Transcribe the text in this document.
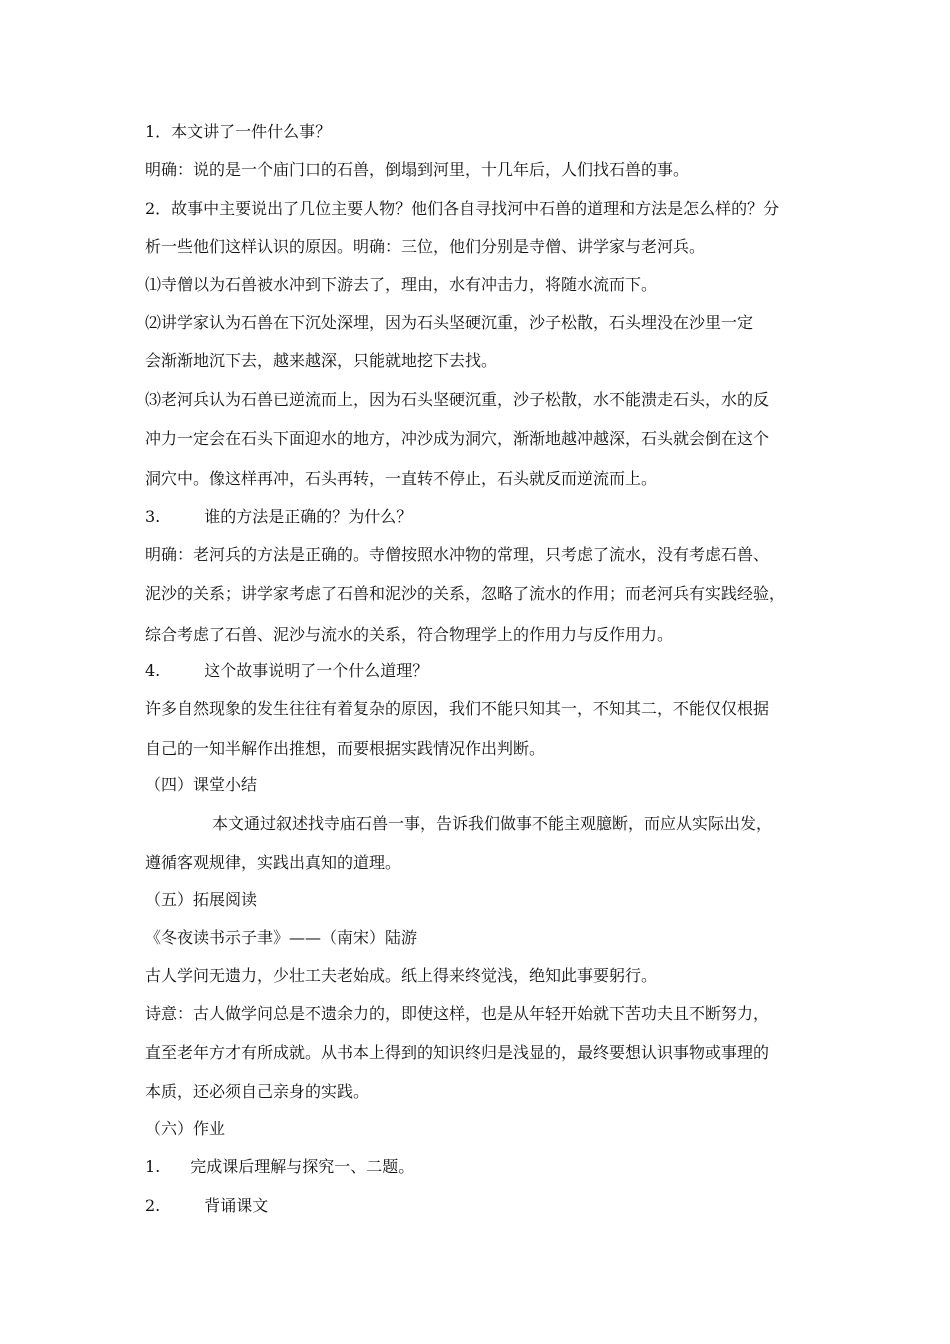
1．本文讲了一件什么事？
明确：说的是一个庙门口的石兽，倒塌到河里，十几年后，人们找石兽的事。
2．故事中主要说出了几位主要人物？他们各自寻找河中石兽的道理和方法是怎么样的？分
析一些他们这样认识的原因。明确：三位，他们分别是寺僧、讲学家与老河兵。
⑴寺僧以为石兽被水冲到下游去了，理由，水有冲击力，将随水流而下。
⑵讲学家认为石兽在下沉处深埋，因为石头坚硬沉重，沙子松散，石头埋没在沙里一定
会渐渐地沉下去，越来越深，只能就地挖下去找。
⑶老河兵认为石兽已逆流而上，因为石头坚硬沉重，沙子松散，水不能溃走石头，水的反
冲力一定会在石头下面迎水的地方，冲沙成为洞穴，渐渐地越冲越深，石头就会倒在这个
洞穴中。像这样再冲，石头再转，一直转不停止，石头就反而逆流而上。
3.	谁的方法是正确的？为什么？
明确：老河兵的方法是正确的。寺僧按照水冲物的常理，只考虑了流水，没有考虑石兽、
泥沙的关系；讲学家考虑了石兽和泥沙的关系，忽略了流水的作用；而老河兵有实践经验，
综合考虑了石兽、泥沙与流水的关系，符合物理学上的作用力与反作用力。
4.	这个故事说明了一个什么道理？
许多自然现象的发生往往有着复杂的原因，我们不能只知其一，不知其二，不能仅仅根据
自己的一知半解作出推想，而要根据实践情况作出判断。
（四）课堂小结
本文通过叙述找寺庙石兽一事，告诉我们做事不能主观臆断，而应从实际出发，
遵循客观规律，实践出真知的道理。
（五）拓展阅读
《冬夜读书示子聿》——（南宋）陆游
古人学问无遗力，少壮工夫老始成。纸上得来终觉浅，绝知此事要躬行。
诗意：古人做学问总是不遗余力的，即使这样，也是从年轻开始就下苦功夫且不断努力，
直至老年方才有所成就。从书本上得到的知识终归是浅显的，最终要想认识事物或事理的
本质，还必须自己亲身的实践。
（六）作业
1. 完成课后理解与探究一、二题。
2.	背诵课文
